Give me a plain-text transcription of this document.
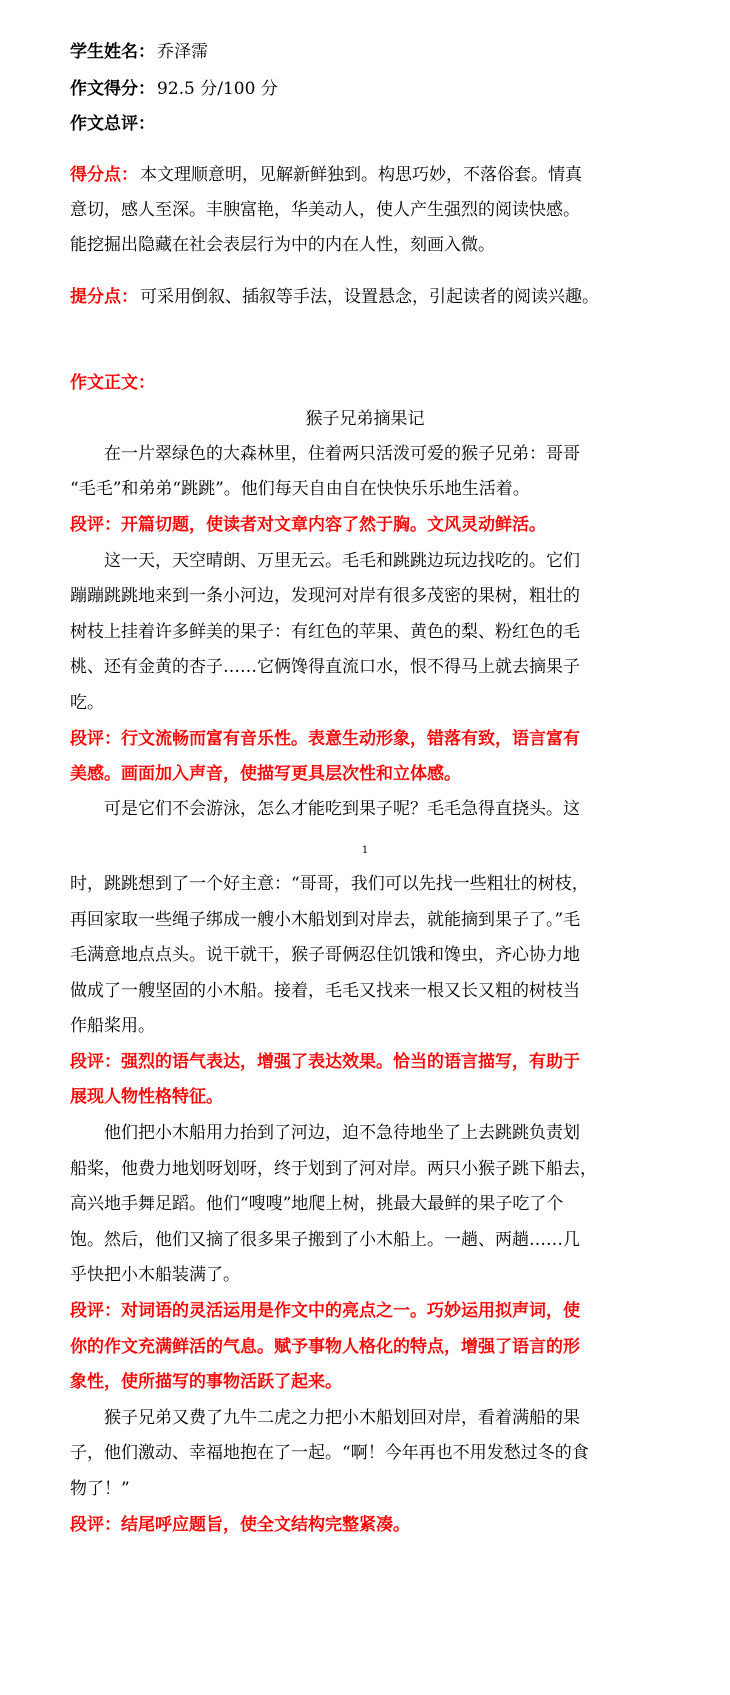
学生姓名： 乔泽霈
作文得分： 92.5 分/100 分
作文总评：
得分点： 本文理顺意明，见解新鲜独到。构思巧妙，不落俗套。情真
意切，感人至深。丰腴富艳，华美动人，使人产生强烈的阅读快感。
能挖掘出隐藏在社会表层行为中的内在人性，刻画入微。
提分点： 可采用倒叙、插叙等手法，设置悬念，引起读者的阅读兴趣。
作文正文：
猴子兄弟摘果记
在一片翠绿色的大森林里，住着两只活泼可爱的猴子兄弟：哥哥
“毛毛”和弟弟“跳跳”。他们每天自由自在快快乐乐地生活着。
段评：开篇切题，使读者对文章内容了然于胸。文风灵动鲜活。
这一天，天空晴朗、万里无云。毛毛和跳跳边玩边找吃的。它们
蹦蹦跳跳地来到一条小河边，发现河对岸有很多茂密的果树，粗壮的
树枝上挂着许多鲜美的果子：有红色的苹果、黄色的梨、粉红色的毛
桃、还有金黄的杏子……它俩馋得直流口水，恨不得马上就去摘果子
吃。
段评：行文流畅而富有音乐性。表意生动形象，错落有致，语言富有
美感。画面加入声音，使描写更具层次性和立体感。
可是它们不会游泳，怎么才能吃到果子呢？毛毛急得直挠头。这
1
时，跳跳想到了一个好主意：“哥哥，我们可以先找一些粗壮的树枝，
再回家取一些绳子绑成一艘小木船划到对岸去，就能摘到果子了。”毛
毛满意地点点头。说干就干，猴子哥俩忍住饥饿和馋虫，齐心协力地
做成了一艘坚固的小木船。接着，毛毛又找来一根又长又粗的树枝当
作船桨用。
段评：强烈的语气表达，增强了表达效果。恰当的语言描写，有助于
展现人物性格特征。
他们把小木船用力抬到了河边，迫不急待地坐了上去跳跳负责划
船桨，他费力地划呀划呀，终于划到了河对岸。两只小猴子跳下船去，
高兴地手舞足蹈。他们“嗖嗖”地爬上树，挑最大最鲜的果子吃了个
饱。然后，他们又摘了很多果子搬到了小木船上。一趟、两趟……几
乎快把小木船装满了。
段评：对词语的灵活运用是作文中的亮点之一。巧妙运用拟声词，使
你的作文充满鲜活的气息。赋予事物人格化的特点，增强了语言的形
象性，使所描写的事物活跃了起来。
猴子兄弟又费了九牛二虎之力把小木船划回对岸，看着满船的果
子，他们激动、幸福地抱在了一起。“啊！今年再也不用发愁过冬的食
物了！”
段评：结尾呼应题旨，使全文结构完整紧凑。
